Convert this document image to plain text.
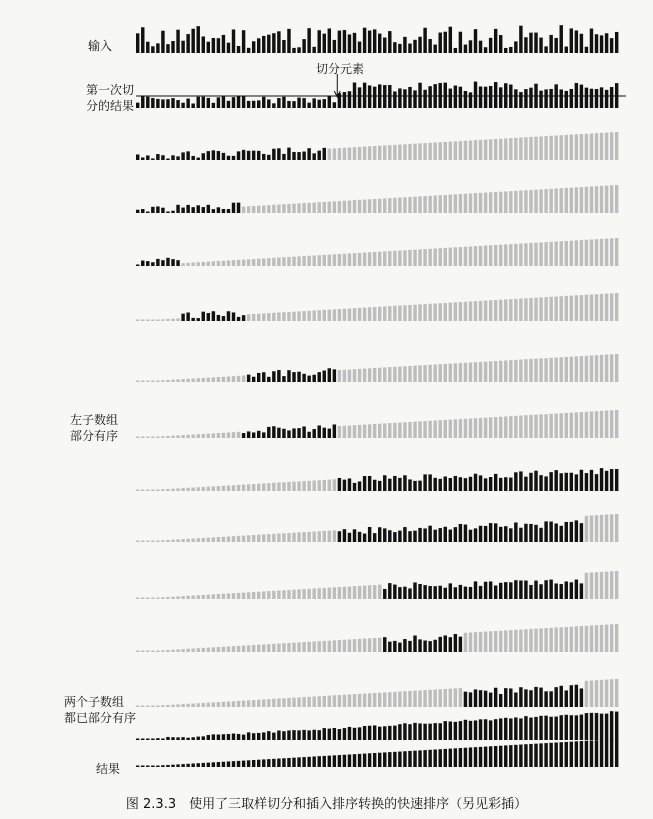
输入
第一次切
分的结果
切分元素
左子数组
部分有序
两个子数组
都已部分有序
结果
图 2.3.3　使用了三取样切分和插入排序转换的快速排序（另见彩插）
